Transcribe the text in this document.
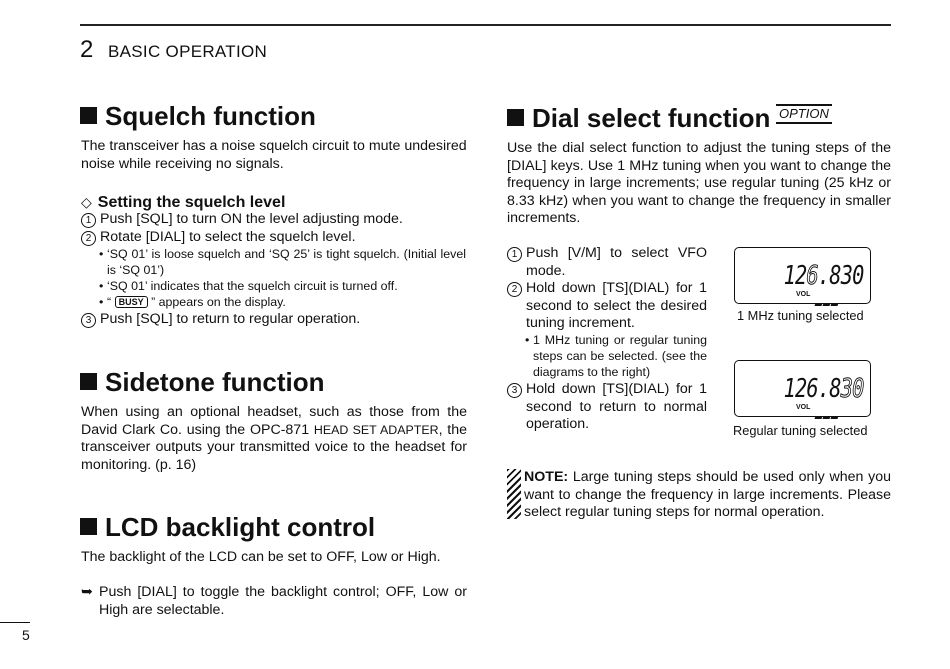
2 BASIC OPERATION
Squelch function
The transceiver has a noise squelch circuit to mute undesired noise while receiving no signals.
◇ Setting the squelch level
1 Push [SQL] to turn ON the level adjusting mode.
2 Rotate [DIAL] to select the squelch level.
• ‘SQ 01’ is loose squelch and ‘SQ 25’ is tight squelch. (Initial level is ‘SQ 01’)
• ‘SQ 01’ indicates that the squelch circuit is turned off.
• “ BUSY ” appears on the display.
3 Push [SQL] to return to regular operation.
Sidetone function
When using an optional headset, such as those from the David Clark Co. using the OPC-871 HEAD SET ADAPTER, the transceiver outputs your transmitted voice to the headset for monitoring. (p. 16)
LCD backlight control
The backlight of the LCD can be set to OFF, Low or High.
➥ Push [DIAL] to toggle the backlight control; OFF, Low or High are selectable.
Dial select function OPTION
Use the dial select function to adjust the tuning steps of the [DIAL] keys. Use 1 MHz tuning when you want to change the frequency in large increments; use regular tuning (25 kHz or 8.33 kHz) when you want to change the frequency in smaller increments.
1 Push [V/M] to select VFO mode.
2 Hold down [TS](DIAL) for 1 second to select the desired tuning increment.
• 1 MHz tuning or regular tuning steps can be selected. (see the diagrams to the right)
3 Hold down [TS](DIAL) for 1 second to return to normal operation.
126.830
VOL
1 MHz tuning selected
126.830
VOL
Regular tuning selected
NOTE: Large tuning steps should be used only when you want to change the frequency in large increments. Please select regular tuning steps for normal operation.
5
